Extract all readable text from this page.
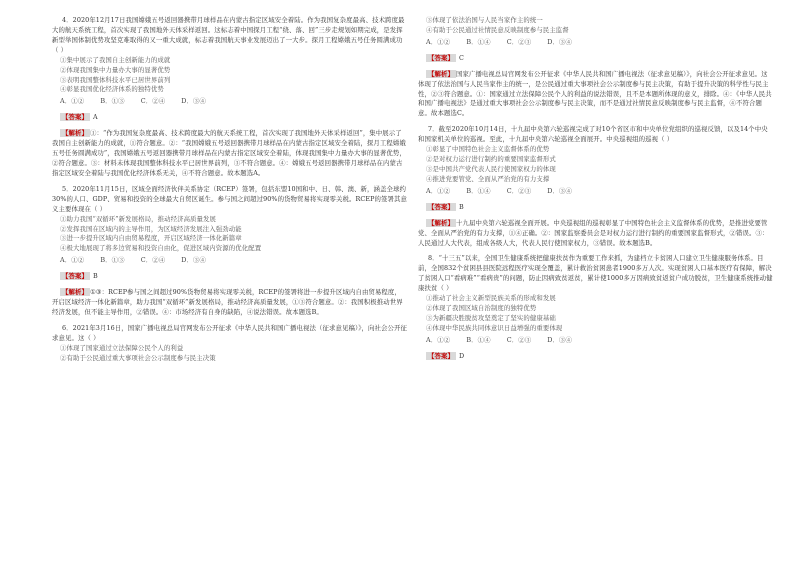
4．2020年12月17日我国嫦娥五号返回器携带月球样品在内蒙古指定区域安全着陆。作为我国复杂度最高、技术跨度最大的航天系统工程，首次实现了我国地外天体采样返回。这标志着中国探月工程“绕、落、回”三步走规划如期完成，是发挥新型举国体制优势攻坚克难取得的又一重大成就，标志着我国航天事业发展迈出了一大步。探月工程嫦娥五号任务圆满成功（ ）

①集中展示了我国自主创新能力的成就

②体现我国集中力量办大事的显著优势

③表明我国整体科技水平已居世界前列

④彰显我国优化经济体系的独特优势

A．①② B．①③ C．②④ D．③④

【答案】 A

【解析】 ①：“作为我国复杂度最高、技术跨度最大的航天系统工程，首次实现了我国地外天体采样返回”，集中展示了我国自主创新能力的成就，①符合题意。②：“我国嫦娥五号返回器携带月球样品在内蒙古指定区域安全着陆，探月工程嫦娥五号任务圆满成功”，我国嫦娥五号返回器携带月球样品在内蒙古指定区域安全着陆，体现我国集中力量办大事的显著优势，②符合题意。③：材料未体现我国整体科技水平已居世界前列，③不符合题意。④：嫦娥五号返回器携带月球样品在内蒙古指定区域安全着陆与我国优化经济体系无关，④不符合题意。故本题选A。

5．2020年11月15日，区域全面经济伙伴关系协定（RCEP）签署，包括东盟10国和中、日、韩、澳、新，涵盖全球约30%的人口、GDP、贸易和投资的全球最大自贸区诞生。参与国之间超过90%的货物贸易将实现零关税。RCEP的签署其意义主要体现在（ ）

①助力我国“双循环”新发展格局，推动经济高质量发展

②发挥我国在区域内的主导作用，为区域经济发展注入强劲动能

③进一步提升区域内自由贸易程度，开启区域经济一体化新篇章

④极大地展现了将多边贸易和投资自由化，促进区域内资源的优化配置

A．①② B．①③ C．②④ D．③④

【答案】 B

【解析】 ①③：RCEP参与国之间超过90%货物贸易将实现零关税，RCEP的签署将进一步提升区域内自由贸易程度，开启区域经济一体化新篇章，助力我国“双循环”新发展格局，推动经济高质量发展，①③符合题意。②：我国积极推动世界经济发展，但不能主导作用，②错误。④：市场经济有自身的缺陷，④说法错误。故本题选B。

6．2021年3月16日，国家广播电视总局官网发布公开征求《中华人民共和国广播电视法（征求意见稿）》，向社会公开征求意见。这（ ）

①体现了国家通过立法保障公民个人的利益

②有助于公民通过重大事项社会公示制度参与民主决策

③体现了依法治国与人民当家作主的统一

④有助于公民通过社情民意反映制度参与民主监督

A．①② B．①④ C．②③ D．③④

【答案】 C

【解析】 国家广播电视总局官网发布公开征求《中华人民共和国广播电视法（征求意见稿）》，向社会公开征求意见。这体现了依法治国与人民当家作主的统一，是公民通过重大事项社会公示制度参与民主决策，有助于提升决策的科学性与民主性，②③符合题意。①：国家通过立法保障公民个人的利益的说法错误，且不是本题所体现的意义，排除。④：《中华人民共和国广播电视法》是通过重大事项社会公示制度参与民主决策，而不是通过社情民意反映制度参与民主监督，④不符合题意。故本题选C。

7．截至2020年10月14日，十九届中央第六轮巡视完成了对10个省区市和中央单位党组织的巡视反馈，以及14个中央和国家机关单位的巡视。至此，十九届中央第六轮巡视全面展开。中央巡视组的巡视（ ）

①彰显了中国特色社会主义监督体系的优势

②是对权力运行进行制约的重要国家监督形式

③是中国共产党代表人民行使国家权力的体现

④推进党要管党、全面从严治党的有力支撑

A．①② B．①④ C．②③ D．③④

【答案】 B

【解析】 十九届中央第六轮巡视全面开展。中央巡视组的巡视彰显了中国特色社会主义监督体系的优势，是推进党要管党、全面从严治党的有力支撑，①④正确。②：国家监察委员会是对权力运行进行制约的重要国家监督形式，②错误。③：人民通过人大代表，组成各级人大，代表人民行使国家权力，③错误。故本题选B。

8．“十三五”以来，全国卫生健康系统把健康扶贫作为重要工作来抓，为建档立卡贫困人口建立卫生健康服务体系。目前，全国832个贫困县县医院远程医疗实现全覆盖，累计救治贫困患者1900多万人次。实现贫困人口基本医疗有保障，解决了贫困人口“看病难”“看病贵”的问题，防止因病致贫返贫，累计使1000多万因病致贫返贫户成功脱贫，卫生健康系统推动健康扶贫（ ）

①推动了社会主义新型民族关系的形成和发展

②体现了我国区域自治制度的独特优势

③为新疆决胜脱贫攻坚奠定了坚实的健康基础

④体现中华民族共同体意识日益增强的重要体现

A．①② B．①④ C．②③ D．③④

【答案】 D
